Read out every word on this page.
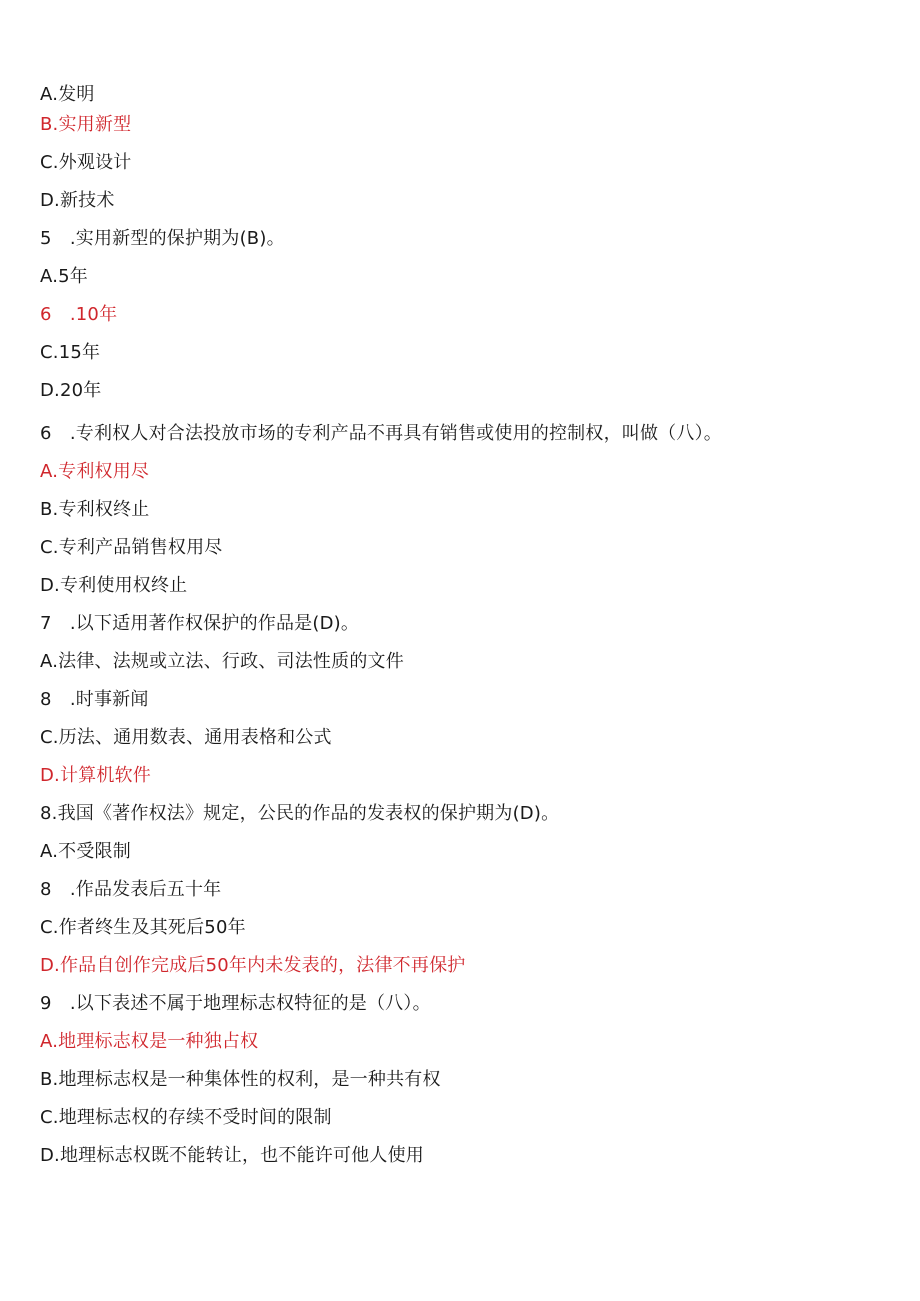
A.发明
B.实用新型
C.外观设计
D.新技术
5　.实用新型的保护期为(B)。
A.5年
6　.10年
C.15年
D.20年
6　.专利权人对合法投放市场的专利产品不再具有销售或使用的控制权，叫做（八）。
A.专利权用尽
B.专利权终止
C.专利产品销售权用尽
D.专利使用权终止
7　.以下适用著作权保护的作品是(D)。
A.法律、法规或立法、行政、司法性质的文件
8　.时事新闻
C.历法、通用数表、通用表格和公式
D.计算机软件
8.我国《著作权法》规定，公民的作品的发表权的保护期为(D)。
A.不受限制
8　.作品发表后五十年
C.作者终生及其死后50年
D.作品自创作完成后50年内未发表的，法律不再保护
9　.以下表述不属于地理标志权特征的是（八）。
A.地理标志权是一种独占权
B.地理标志权是一种集体性的权利，是一种共有权
C.地理标志权的存续不受时间的限制
D.地理标志权既不能转让，也不能许可他人使用
